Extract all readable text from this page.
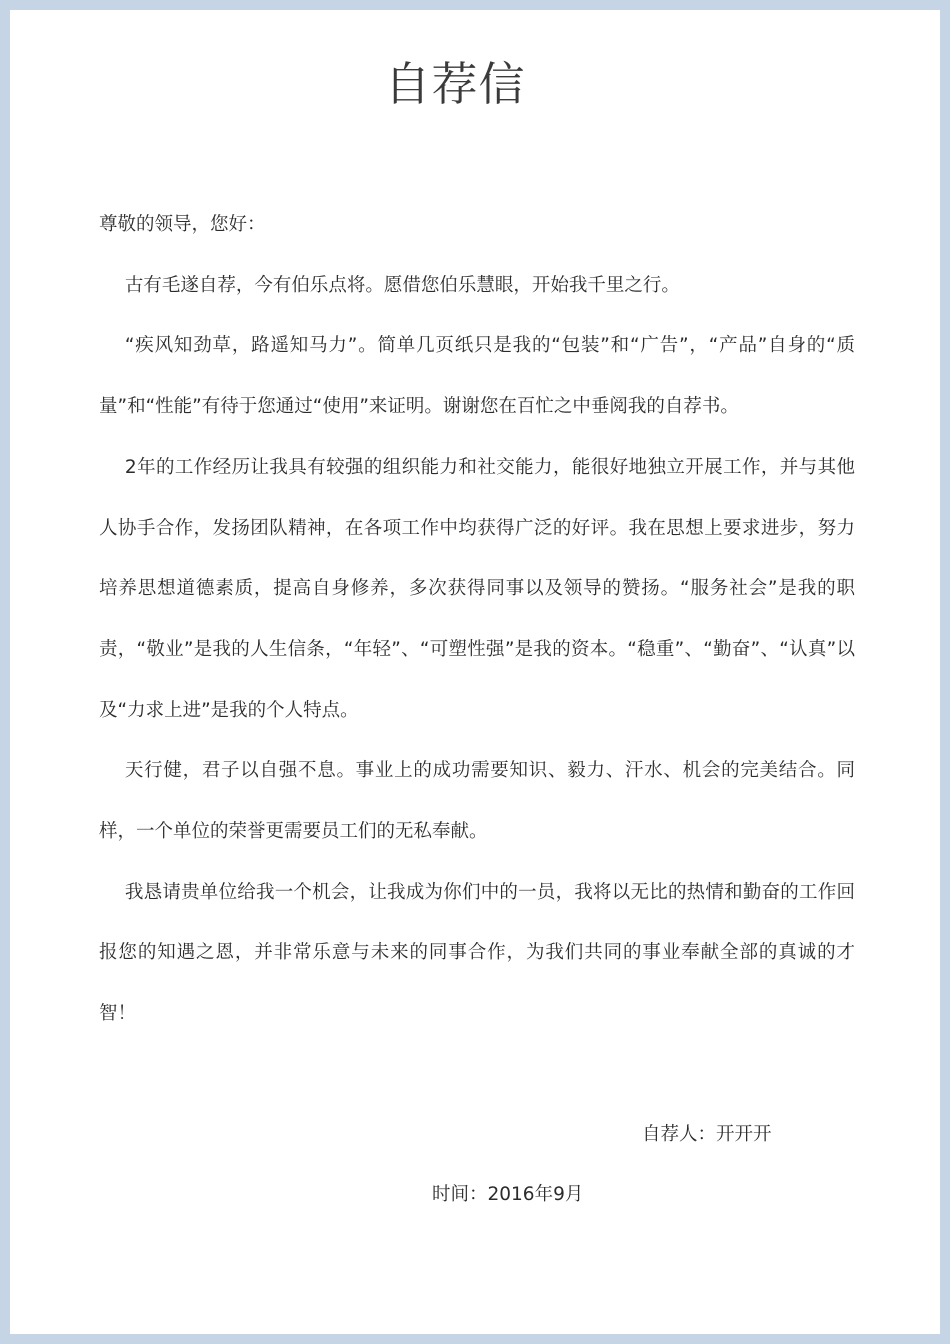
自荐信

尊敬的领导，您好：

古有毛遂自荐，今有伯乐点将。愿借您伯乐慧眼，开始我千里之行。

“疾风知劲草，路遥知马力”。简单几页纸只是我的“包装”和“广告”，“产品”自身的“质量”和“性能”有待于您通过“使用”来证明。谢谢您在百忙之中垂阅我的自荐书。

2年的工作经历让我具有较强的组织能力和社交能力，能很好地独立开展工作，并与其他人协手合作，发扬团队精神，在各项工作中均获得广泛的好评。我在思想上要求进步，努力培养思想道德素质，提高自身修养，多次获得同事以及领导的赞扬。“服务社会”是我的职责，“敬业”是我的人生信条，“年轻”、“可塑性强”是我的资本。“稳重”、“勤奋”、“认真”以及“力求上进”是我的个人特点。

天行健，君子以自强不息。事业上的成功需要知识、毅力、汗水、机会的完美结合。同样，一个单位的荣誉更需要员工们的无私奉献。

我恳请贵单位给我一个机会，让我成为你们中的一员，我将以无比的热情和勤奋的工作回报您的知遇之恩，并非常乐意与未来的同事合作，为我们共同的事业奉献全部的真诚的才智！

自荐人：开开开
时间：2016年9月
